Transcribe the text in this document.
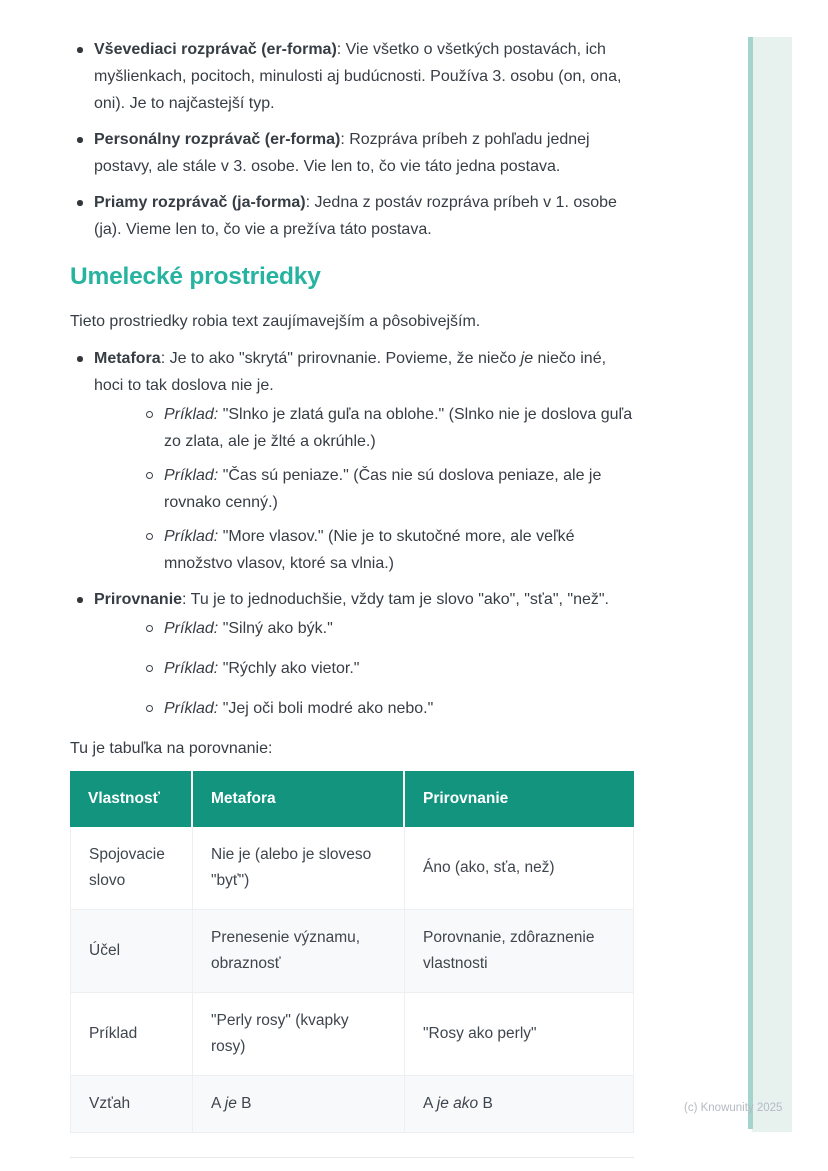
Vševediaci rozprávač (er-forma): Vie všetko o všetkých postavách, ich myšlienkach, pocitoch, minulosti aj budúcnosti. Používa 3. osobu (on, ona, oni). Je to najčastejší typ.
Personálny rozprávač (er-forma): Rozpráva príbeh z pohľadu jednej postavy, ale stále v 3. osobe. Vie len to, čo vie táto jedna postava.
Priamy rozprávač (ja-forma): Jedna z postáv rozpráva príbeh v 1. osobe (ja). Vieme len to, čo vie a prežíva táto postava.
Umelecké prostriedky

Tieto prostriedky robia text zaujímavejším a pôsobivejším.

Metafora: Je to ako "skrytá" prirovnanie. Povieme, že niečo je niečo iné, hoci to tak doslova nie je.
Príklad: "Slnko je zlatá guľa na oblohe." (Slnko nie je doslova guľa zo zlata, ale je žlté a okrúhle.)
Príklad: "Čas sú peniaze." (Čas nie sú doslova peniaze, ale je rovnako cenný.)
Príklad: "More vlasov." (Nie je to skutočné more, ale veľké množstvo vlasov, ktoré sa vlnia.)
Prirovnanie: Tu je to jednoduchšie, vždy tam je slovo "ako", "sťa", "než".
Príklad: "Silný ako býk."
Príklad: "Rýchly ako vietor."
Príklad: "Jej oči boli modré ako nebo."

Tu je tabuľka na porovnanie:

Vlastnosť	Metafora	Prirovnanie
Spojovacie slovo	Nie je (alebo je sloveso "byť")	Áno (ako, sťa, než)
Účel	Prenesenie významu, obraznosť	Porovnanie, zdôraznenie vlastnosti
Príklad	"Perly rosy" (kvapky rosy)	"Rosy ako perly"
Vzťah	A je B	A je ako B	(c) Knowunity 2025
